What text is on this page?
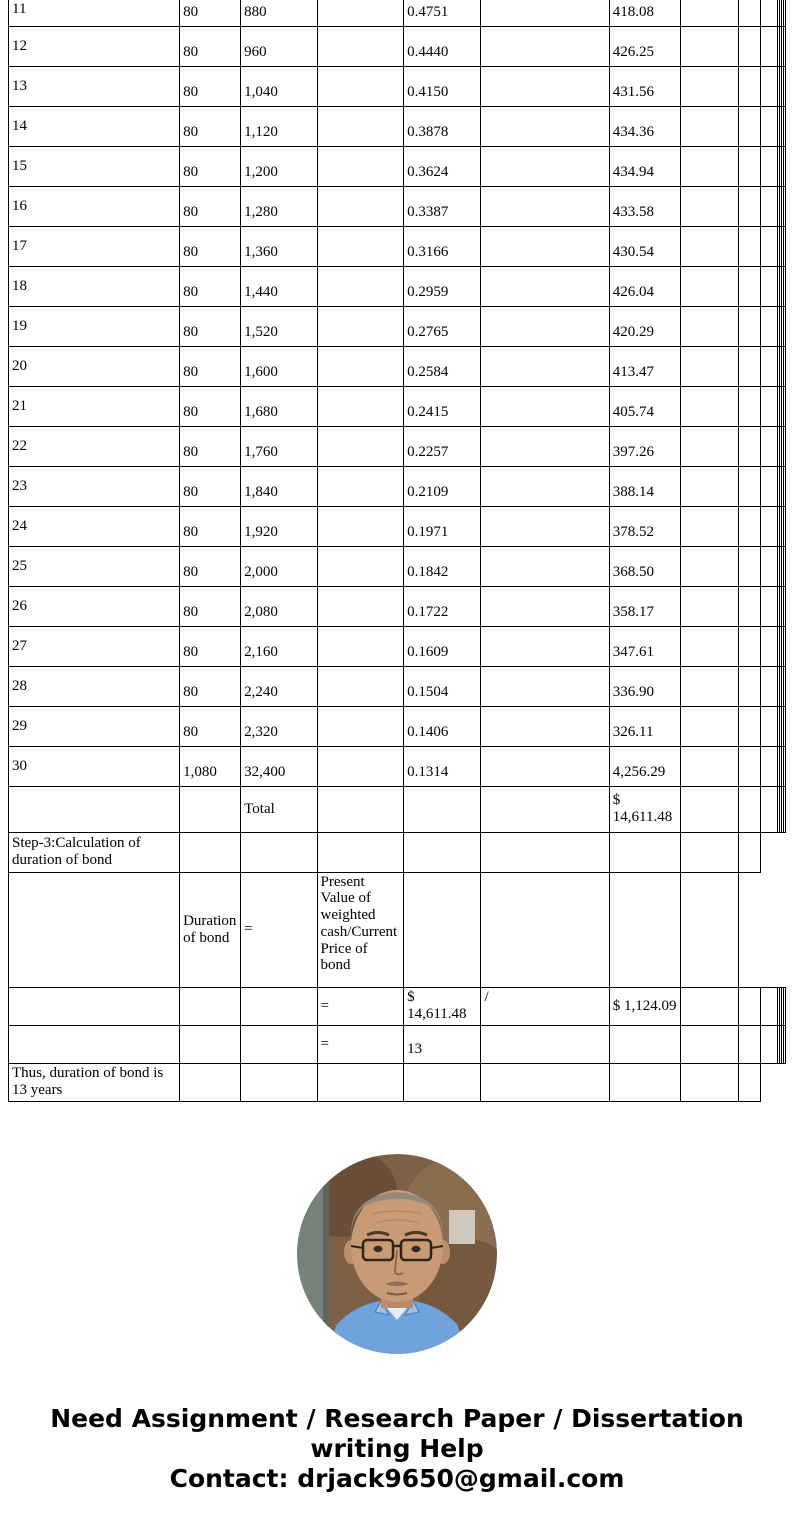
11	80	880		0.4751		418.08							
12	80	960		0.4440		426.25							
13	80	1,040		0.4150		431.56							
14	80	1,120		0.3878		434.36							
15	80	1,200		0.3624		434.94							
16	80	1,280		0.3387		433.58							
17	80	1,360		0.3166		430.54							
18	80	1,440		0.2959		426.04							
19	80	1,520		0.2765		420.29							
20	80	1,600		0.2584		413.47							
21	80	1,680		0.2415		405.74							
22	80	1,760		0.2257		397.26							
23	80	1,840		0.2109		388.14							
24	80	1,920		0.1971		378.52							
25	80	2,000		0.1842		368.50							
26	80	2,080		0.1722		358.17							
27	80	2,160		0.1609		347.61							
28	80	2,240		0.1504		336.90							
29	80	2,320		0.1406		326.11							
30	1,080	32,400		0.1314		4,256.29							
		Total				$ 14,611.48							
Step-3:Calculation of duration of bond													
	Duration of bond	=	Present Value of weighted cash/Current Price of bond										
			=	$ 14,611.48	/	$ 1,124.09							
			=	13									
Thus, duration of bond is 13 years													
Need Assignment / Research Paper / Dissertation
writing Help
Contact: drjack9650@gmail.com
